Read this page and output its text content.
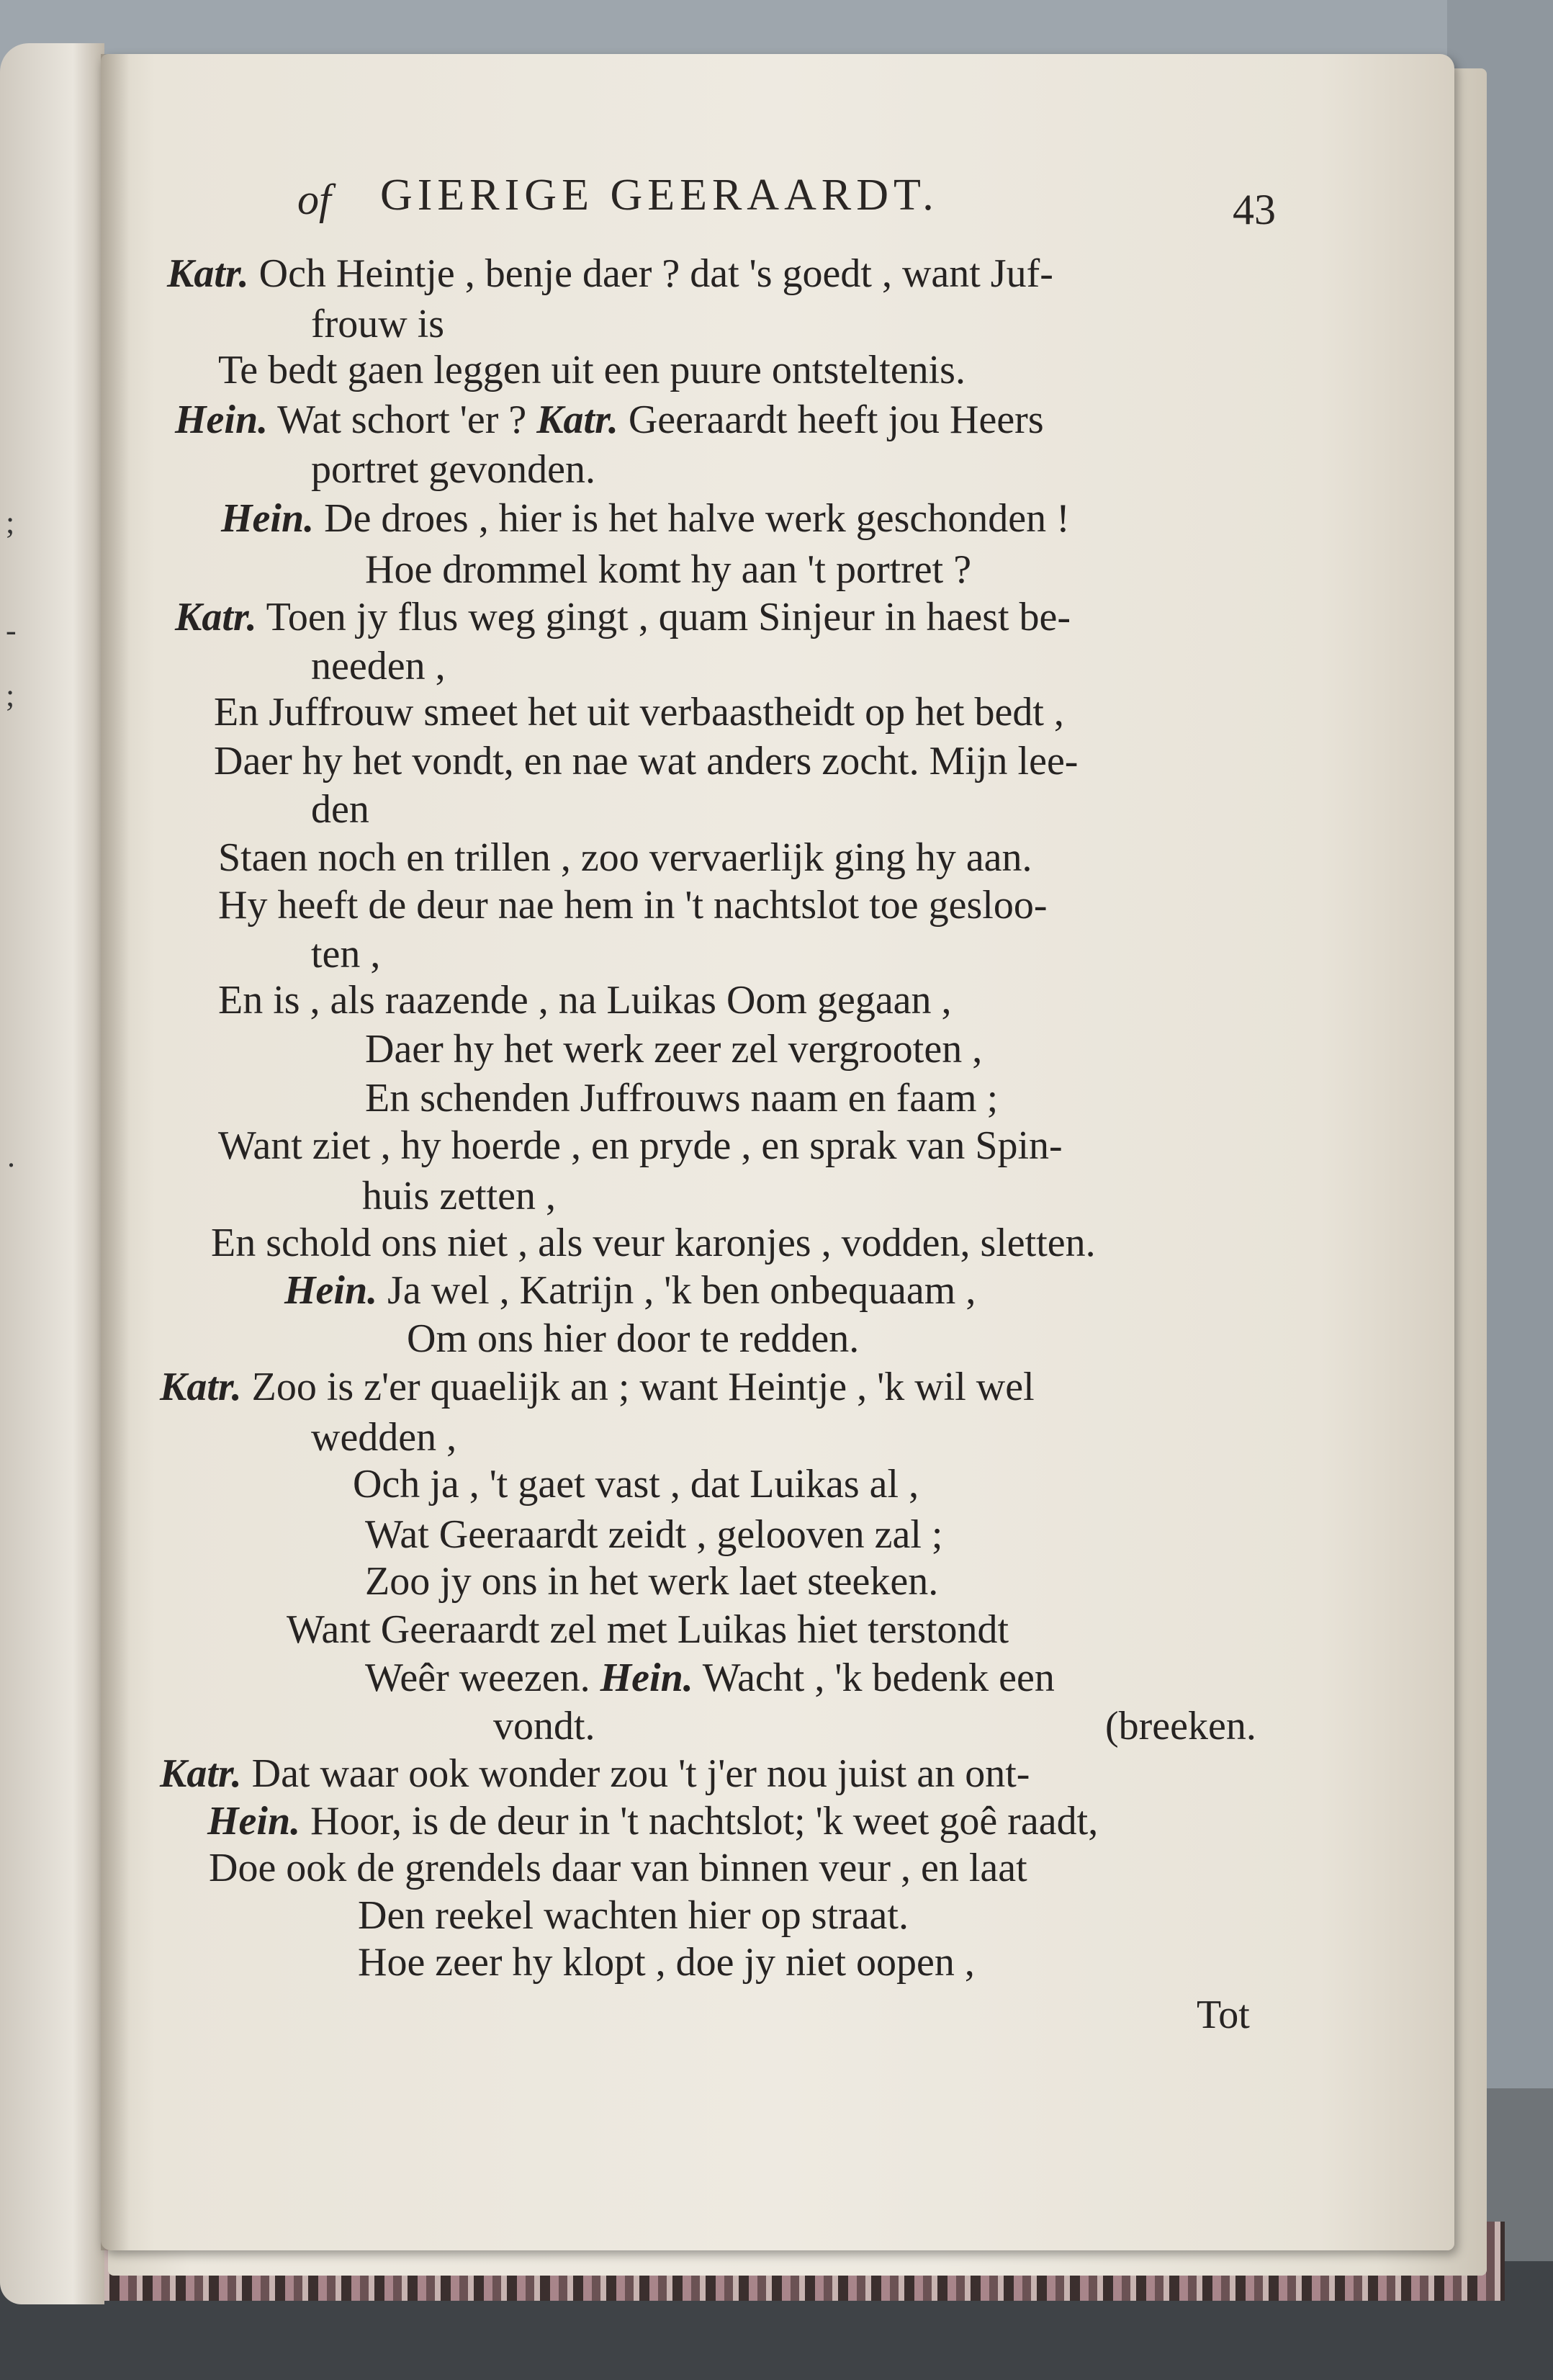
;
-
;
.
of GIERIGE GEERAARDT.	43
Katr. Och Heintje , benje daer ? dat 's goedt , want Juf-
frouw is
Te bedt gaen leggen uit een puure ontsteltenis.
Hein. Wat schort 'er ? Katr. Geeraardt heeft jou Heers
portret gevonden.
Hein. De droes , hier is het halve werk geschonden !
Hoe drommel komt hy aan 't portret ?
Katr. Toen jy flus weg gingt , quam Sinjeur in haest be-
needen ,
En Juffrouw smeet het uit verbaastheidt op het bedt ,
Daer hy het vondt, en nae wat anders zocht. Mijn lee-
den
Staen noch en trillen , zoo vervaerlijk ging hy aan.
Hy heeft de deur nae hem in 't nachtslot toe gesloo-
ten ,
En is , als raazende , na Luikas Oom gegaan ,
Daer hy het werk zeer zel vergrooten ,
En schenden Juffrouws naam en faam ;
Want ziet , hy hoerde , en pryde , en sprak van Spin-
huis zetten ,
En schold ons niet , als veur karonjes , vodden, sletten.
Hein. Ja wel , Katrijn , 'k ben onbequaam ,
Om ons hier door te redden.
Katr. Zoo is z'er quaelijk an ; want Heintje , 'k wil wel
wedden ,
Och ja , 't gaet vast , dat Luikas al ,
Wat Geeraardt zeidt , gelooven zal ;
Zoo jy ons in het werk laet steeken.
Want Geeraardt zel met Luikas hiet terstondt
Weêr weezen. Hein. Wacht , 'k bedenk een
vondt.	(breeken.
Katr. Dat waar ook wonder zou 't j'er nou juist an ont-
Hein. Hoor, is de deur in 't nachtslot; 'k weet goê raadt,
Doe ook de grendels daar van binnen veur , en laat
Den reekel wachten hier op straat.
Hoe zeer hy klopt , doe jy niet oopen ,
Tot
